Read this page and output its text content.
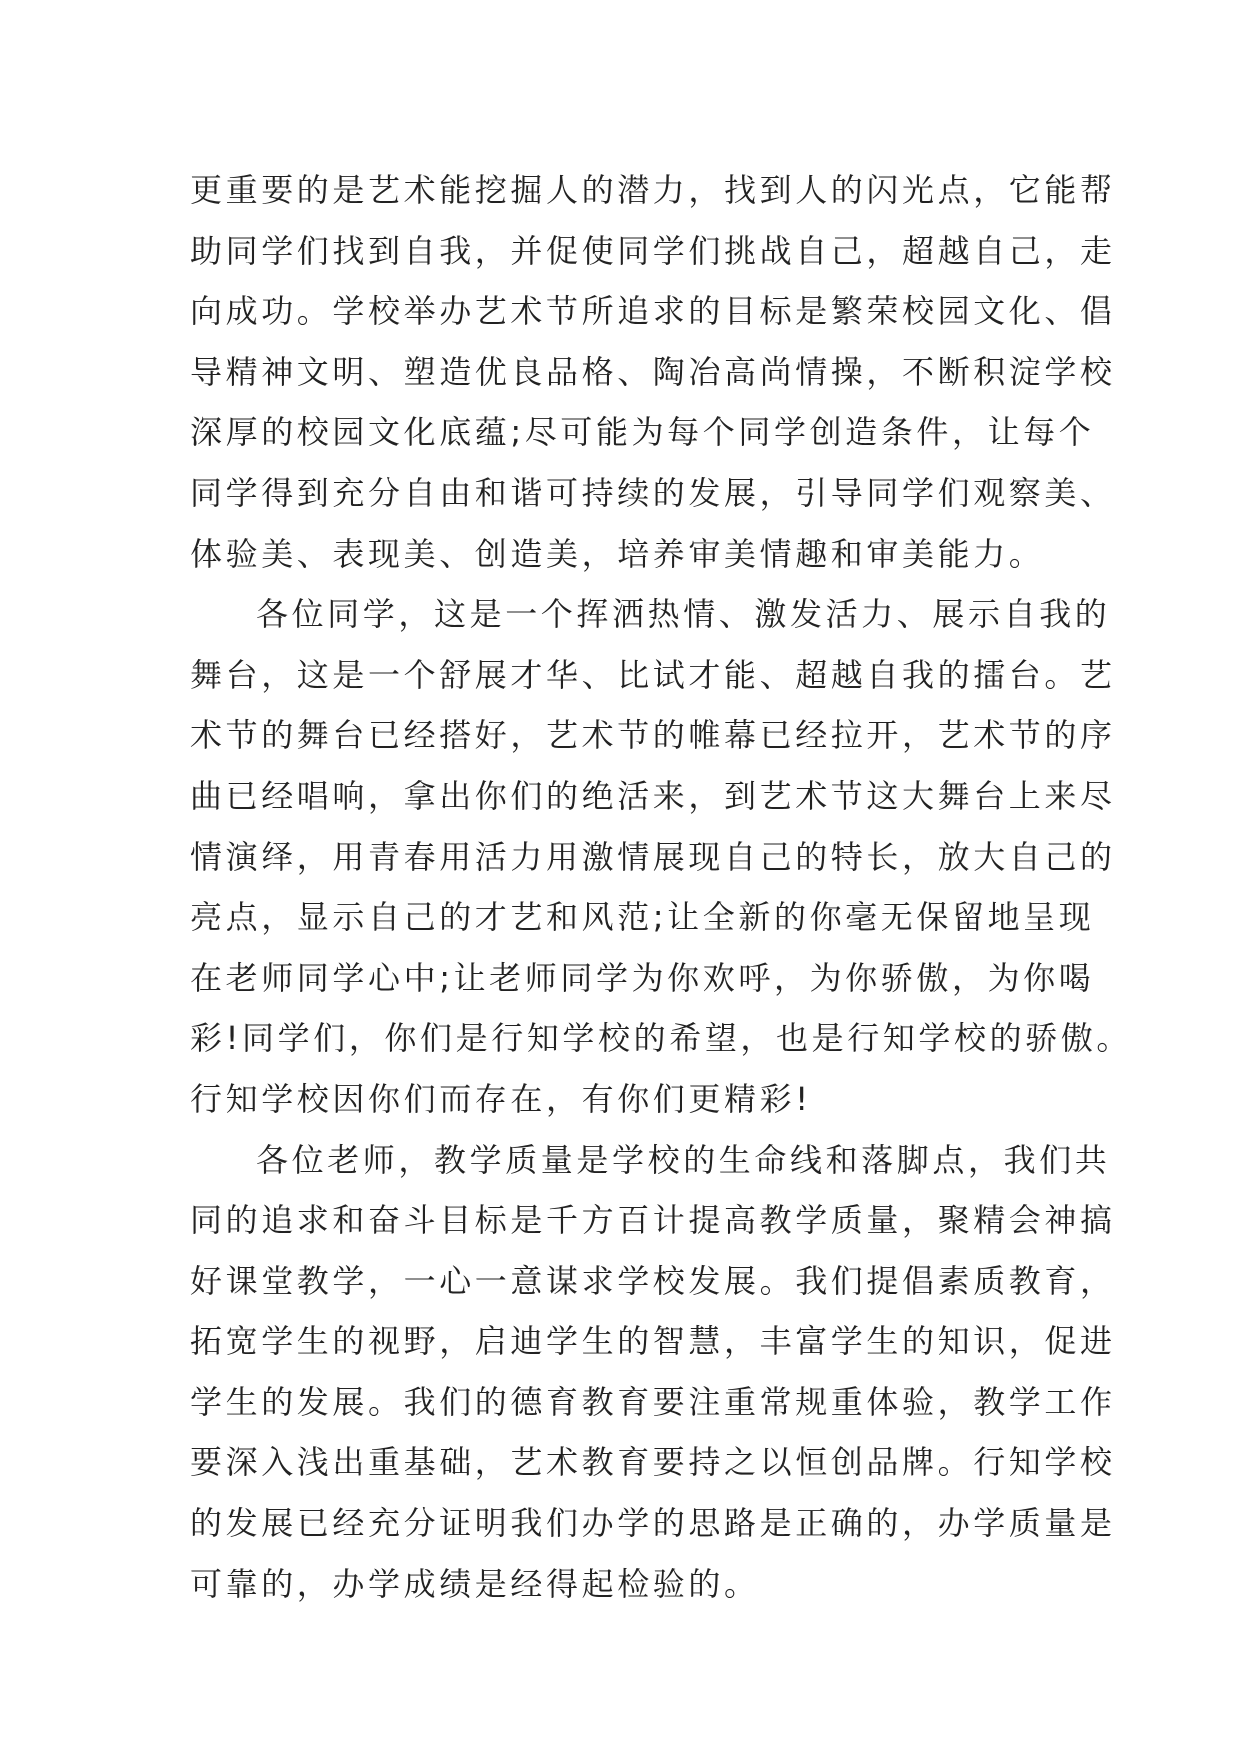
更重要的是艺术能挖掘人的潜力，找到人的闪光点，它能帮
助同学们找到自我，并促使同学们挑战自己，超越自己，走
向成功。学校举办艺术节所追求的目标是繁荣校园文化、倡
导精神文明、塑造优良品格、陶冶高尚情操，不断积淀学校
深厚的校园文化底蕴;尽可能为每个同学创造条件，让每个
同学得到充分自由和谐可持续的发展，引导同学们观察美、
体验美、表现美、创造美，培养审美情趣和审美能力。
各位同学，这是一个挥洒热情、激发活力、展示自我的
舞台，这是一个舒展才华、比试才能、超越自我的擂台。艺
术节的舞台已经搭好，艺术节的帷幕已经拉开，艺术节的序
曲已经唱响，拿出你们的绝活来，到艺术节这大舞台上来尽
情演绎，用青春用活力用激情展现自己的特长，放大自己的
亮点，显示自己的才艺和风范;让全新的你毫无保留地呈现
在老师同学心中;让老师同学为你欢呼，为你骄傲，为你喝
彩!同学们，你们是行知学校的希望，也是行知学校的骄傲。
行知学校因你们而存在，有你们更精彩!
各位老师，教学质量是学校的生命线和落脚点，我们共
同的追求和奋斗目标是千方百计提高教学质量，聚精会神搞
好课堂教学，一心一意谋求学校发展。我们提倡素质教育，
拓宽学生的视野，启迪学生的智慧，丰富学生的知识，促进
学生的发展。我们的德育教育要注重常规重体验，教学工作
要深入浅出重基础，艺术教育要持之以恒创品牌。行知学校
的发展已经充分证明我们办学的思路是正确的，办学质量是
可靠的，办学成绩是经得起检验的。
